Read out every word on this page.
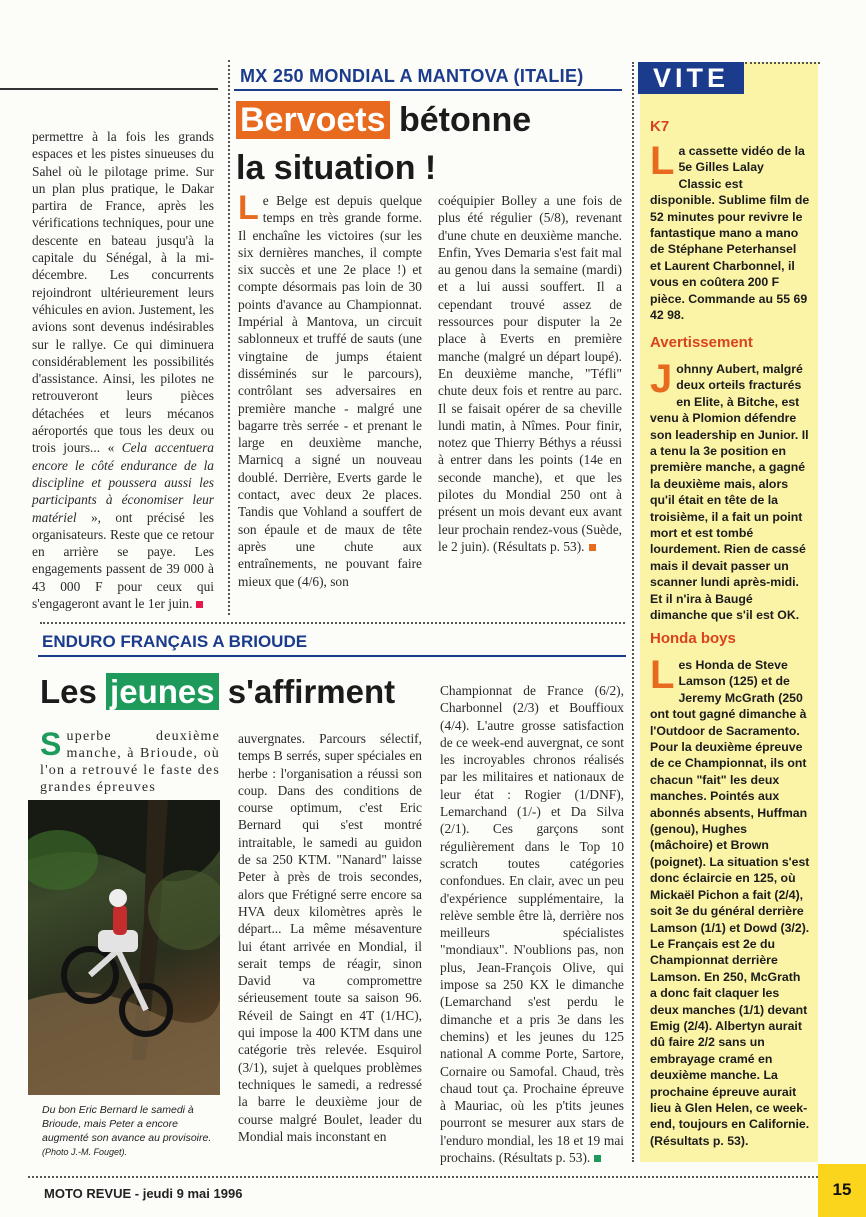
permettre à la fois les grands espaces et les pistes sinueuses du Sahel où le pilotage prime. Sur un plan plus pratique, le Dakar partira de France, après les vérifications techniques, pour une descente en bateau jusqu'à la capitale du Sénégal, à la mi-décembre. Les concurrents rejoindront ultérieurement leurs véhicules en avion. Justement, les avions sont devenus indésirables sur le rallye. Ce qui diminuera considérablement les possibilités d'assistance. Ainsi, les pilotes ne retrouveront leurs pièces détachées et leurs mécanos aéroportés que tous les deux ou trois jours... « Cela accentuera encore le côté endurance de la discipline et poussera aussi les participants à économiser leur matériel », ont précisé les organisateurs. Reste que ce retour en arrière se paye. Les engagements passent de 39 000 à 43 000 F pour ceux qui s'engageront avant le 1er juin.
MX 250 MONDIAL A MANTOVA (ITALIE)
Bervoets bétonne
la situation !
Le Belge est depuis quelque temps en très grande forme. Il enchaîne les victoires (sur les six dernières manches, il compte six succès et une 2e place !) et compte désormais pas loin de 30 points d'avance au Championnat. Impérial à Mantova, un circuit sablonneux et truffé de sauts (une vingtaine de jumps étaient disséminés sur le parcours), contrôlant ses adversaires en première manche - malgré une bagarre très serrée - et prenant le large en deuxième manche, Marnicq a signé un nouveau doublé. Derrière, Everts garde le contact, avec deux 2e places. Tandis que Vohland a souffert de son épaule et de maux de tête après une chute aux entraînements, ne pouvant faire mieux que (4/6), son
coéquipier Bolley a une fois de plus été régulier (5/8), revenant d'une chute en deuxième manche. Enfin, Yves Demaria s'est fait mal au genou dans la semaine (mardi) et a lui aussi souffert. Il a cependant trouvé assez de ressources pour disputer la 2e place à Everts en première manche (malgré un départ loupé). En deuxième manche, "Téfli" chute deux fois et rentre au parc. Il se faisait opérer de sa cheville lundi matin, à Nîmes. Pour finir, notez que Thierry Béthys a réussi à entrer dans les points (14e en seconde manche), et que les pilotes du Mondial 250 ont à présent un mois devant eux avant leur prochain rendez-vous (Suède, le 2 juin). (Résultats p. 53).
ENDURO FRANÇAIS A BRIOUDE
Les jeunes s'affirment
Superbe deuxième manche, à Brioude, où l'on a retrouvé le faste des grandes épreuves
Du bon Eric Bernard le samedi à Brioude, mais Peter a encore augmenté son avance au provisoire. (Photo J.-M. Fouget).
auvergnates. Parcours sélectif, temps B serrés, super spéciales en herbe : l'organisation a réussi son coup. Dans des conditions de course optimum, c'est Eric Bernard qui s'est montré intraitable, le samedi au guidon de sa 250 KTM. "Nanard" laisse Peter à près de trois secondes, alors que Frétigné serre encore sa HVA deux kilomètres après le départ... La même mésaventure lui étant arrivée en Mondial, il serait temps de réagir, sinon David va compromettre sérieusement toute sa saison 96. Réveil de Saingt en 4T (1/HC), qui impose la 400 KTM dans une catégorie très relevée. Esquirol (3/1), sujet à quelques problèmes techniques le samedi, a redressé la barre le deuxième jour de course malgré Boulet, leader du Mondial mais inconstant en
Championnat de France (6/2), Charbonnel (2/3) et Bouffioux (4/4). L'autre grosse satisfaction de ce week-end auvergnat, ce sont les incroyables chronos réalisés par les militaires et nationaux de leur état : Rogier (1/DNF), Lemarchand (1/-) et Da Silva (2/1). Ces garçons sont régulièrement dans le Top 10 scratch toutes catégories confondues. En clair, avec un peu d'expérience supplémentaire, la relève semble être là, derrière nos meilleurs spécialistes "mondiaux". N'oublions pas, non plus, Jean-François Olive, qui impose sa 250 KX le dimanche (Lemarchand s'est perdu le dimanche et a pris 3e dans les chemins) et les jeunes du 125 national A comme Porte, Sartore, Cornaire ou Samofal. Chaud, très chaud tout ça. Prochaine épreuve à Mauriac, où les p'tits jeunes pourront se mesurer aux stars de l'enduro mondial, les 18 et 19 mai prochains. (Résultats p. 53).
VITE
K7
La cassette vidéo de la 5e Gilles Lalay Classic est disponible. Sublime film de 52 minutes pour revivre le fantastique mano a mano de Stéphane Peterhansel et Laurent Charbonnel, il vous en coûtera 200 F pièce. Commande au 55 69 42 98.
Avertissement
Johnny Aubert, malgré deux orteils fracturés en Elite, à Bitche, est venu à Plomion défendre son leadership en Junior. Il a tenu la 3e position en première manche, a gagné la deuxième mais, alors qu'il était en tête de la troisième, il a fait un point mort et est tombé lourdement. Rien de cassé mais il devait passer un scanner lundi après-midi. Et il n'ira à Baugé dimanche que s'il est OK.
Honda boys
Les Honda de Steve Lamson (125) et de Jeremy McGrath (250 ont tout gagné dimanche à l'Outdoor de Sacramento. Pour la deuxième épreuve de ce Championnat, ils ont chacun "fait" les deux manches. Pointés aux abonnés absents, Huffman (genou), Hughes (mâchoire) et Brown (poignet). La situation s'est donc éclaircie en 125, où Mickaël Pichon a fait (2/4), soit 3e du général derrière Lamson (1/1) et Dowd (3/2). Le Français est 2e du Championnat derrière Lamson. En 250, McGrath a donc fait claquer les deux manches (1/1) devant Emig (2/4). Albertyn aurait dû faire 2/2 sans un embrayage cramé en deuxième manche. La prochaine épreuve aurait lieu à Glen Helen, ce week-end, toujours en Californie. (Résultats p. 53).
MOTO REVUE - jeudi 9 mai 1996	15
